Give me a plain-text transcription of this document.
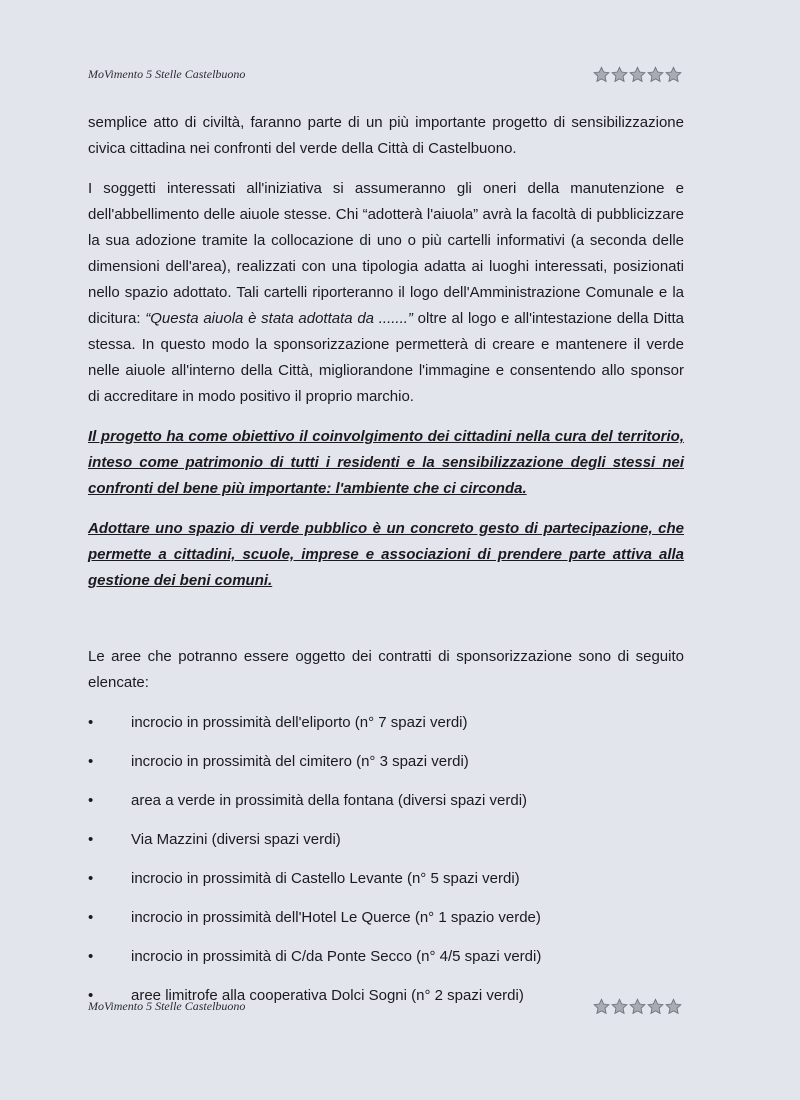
MoVimento 5 Stelle Castelbuono

semplice atto di civiltà, faranno parte di un più importante progetto di sensibilizzazione civica cittadina nei confronti del verde della Città di Castelbuono.

I soggetti interessati all'iniziativa si assumeranno gli oneri della manutenzione e dell'abbellimento delle aiuole stesse. Chi “adotterà l'aiuola” avrà la facoltà di pubblicizzare la sua adozione tramite la collocazione di uno o più cartelli informativi (a seconda delle dimensioni dell'area), realizzati con una tipologia adatta ai luoghi interessati, posizionati nello spazio adottato. Tali cartelli riporteranno il logo dell'Amministrazione Comunale e la dicitura: “Questa aiuola è stata adottata da .......” oltre al logo e all'intestazione della Ditta stessa. In questo modo la sponsorizzazione permetterà di creare e mantenere il verde nelle aiuole all'interno della Città, migliorandone l'immagine e consentendo allo sponsor di accreditare in modo positivo il proprio marchio.

Il progetto ha come obiettivo il coinvolgimento dei cittadini nella cura del territorio, inteso come patrimonio di tutti i residenti e la sensibilizzazione degli stessi nei confronti del bene più importante: l'ambiente che ci circonda.

Adottare uno spazio di verde pubblico è un concreto gesto di partecipazione, che permette a cittadini, scuole, imprese e associazioni di prendere parte attiva alla gestione dei beni comuni.

Le aree che potranno essere oggetto dei contratti di sponsorizzazione sono di seguito elencate:

•	incrocio in prossimità dell'eliporto (n° 7 spazi verdi)
•	incrocio in prossimità del cimitero (n° 3 spazi verdi)
•	area a verde in prossimità della fontana (diversi spazi verdi)
•	Via Mazzini (diversi spazi verdi)
•	incrocio in prossimità di Castello Levante (n° 5 spazi verdi)
•	incrocio in prossimità dell'Hotel Le Querce (n° 1 spazio verde)
•	incrocio in prossimità di C/da Ponte Secco (n° 4/5 spazi verdi)
•	aree limitrofe alla cooperativa Dolci Sogni (n° 2 spazi verdi)
MoVimento 5 Stelle Castelbuono
